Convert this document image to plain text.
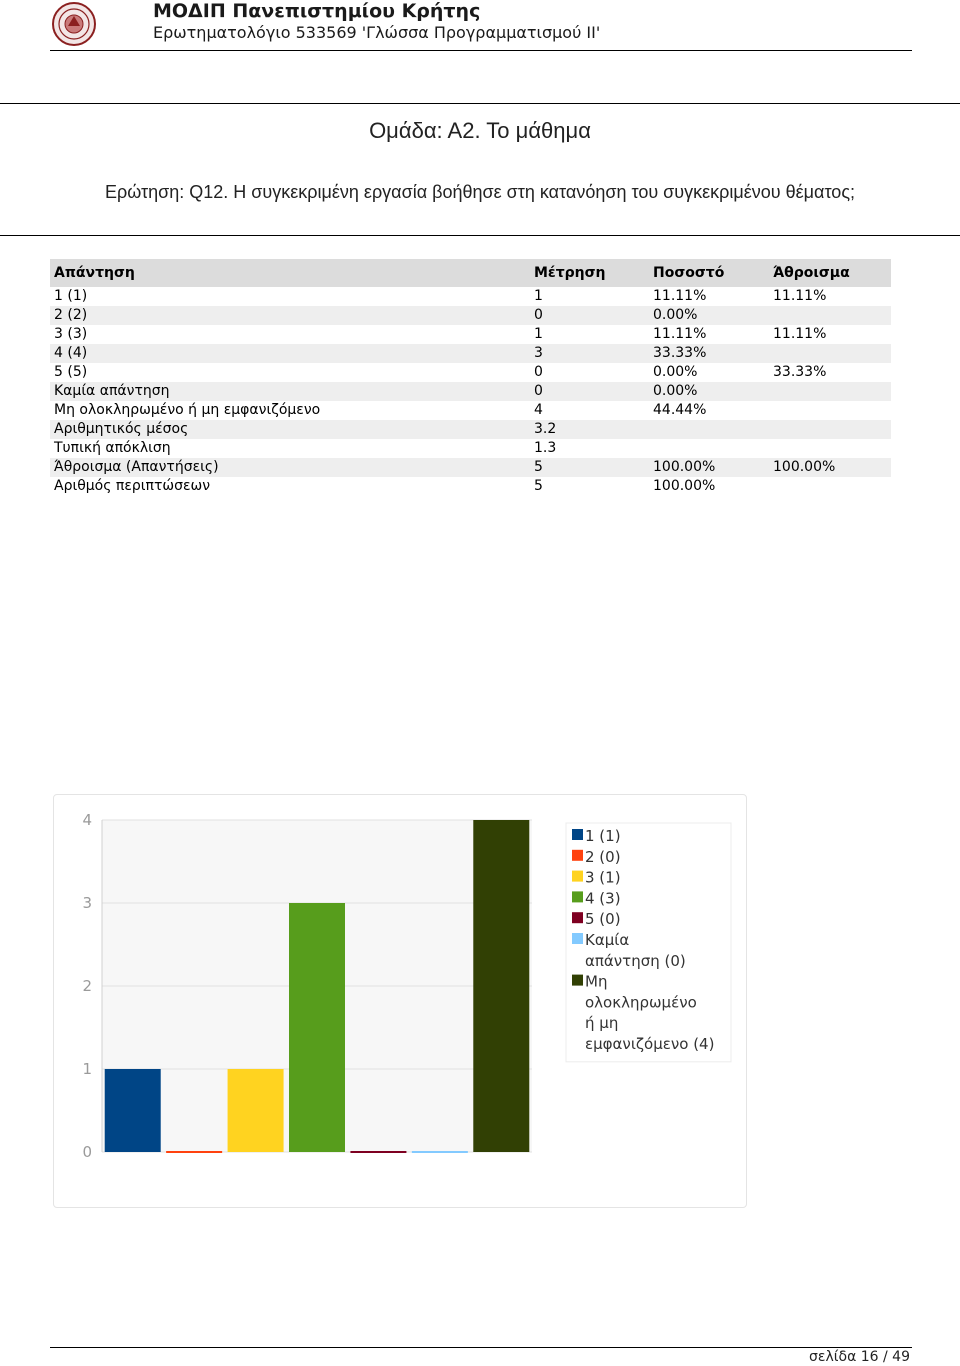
ΜΟΔΙΠ Πανεπιστημίου Κρήτης
Ερωτηματολόγιο 533569 'Γλώσσα Προγραμματισμού ΙΙ'
Ομάδα: Α2. Το μάθημα
Ερώτηση: Q12. Η συγκεκριμένη εργασία βοήθησε στη κατανόηση του συγκεκριμένου θέματος;
Απάντηση	Μέτρηση	Ποσοστό	Άθροισμα
1 (1)	1	11.11%	11.11%
2 (2)	0	0.00%	
3 (3)	1	11.11%	11.11%
4 (4)	3	33.33%	
5 (5)	0	0.00%	33.33%
Καμία απάντηση	0	0.00%	
Μη ολοκληρωμένο ή μη εμφανιζόμενο	4	44.44%	
Αριθμητικός μέσος	3.2		
Τυπική απόκλιση	1.3		
Άθροισμα (Απαντήσεις)	5	100.00%	100.00%
Αριθμός περιπτώσεων	5	100.00%	
0
1
2
3
4
1 (1)
2 (0)
3 (1)
4 (3)
5 (0)
Καμία
απάντηση (0)
Μη
ολοκληρωμένο
ή μη
εμφανιζόμενο (4)
σελίδα 16 / 49
